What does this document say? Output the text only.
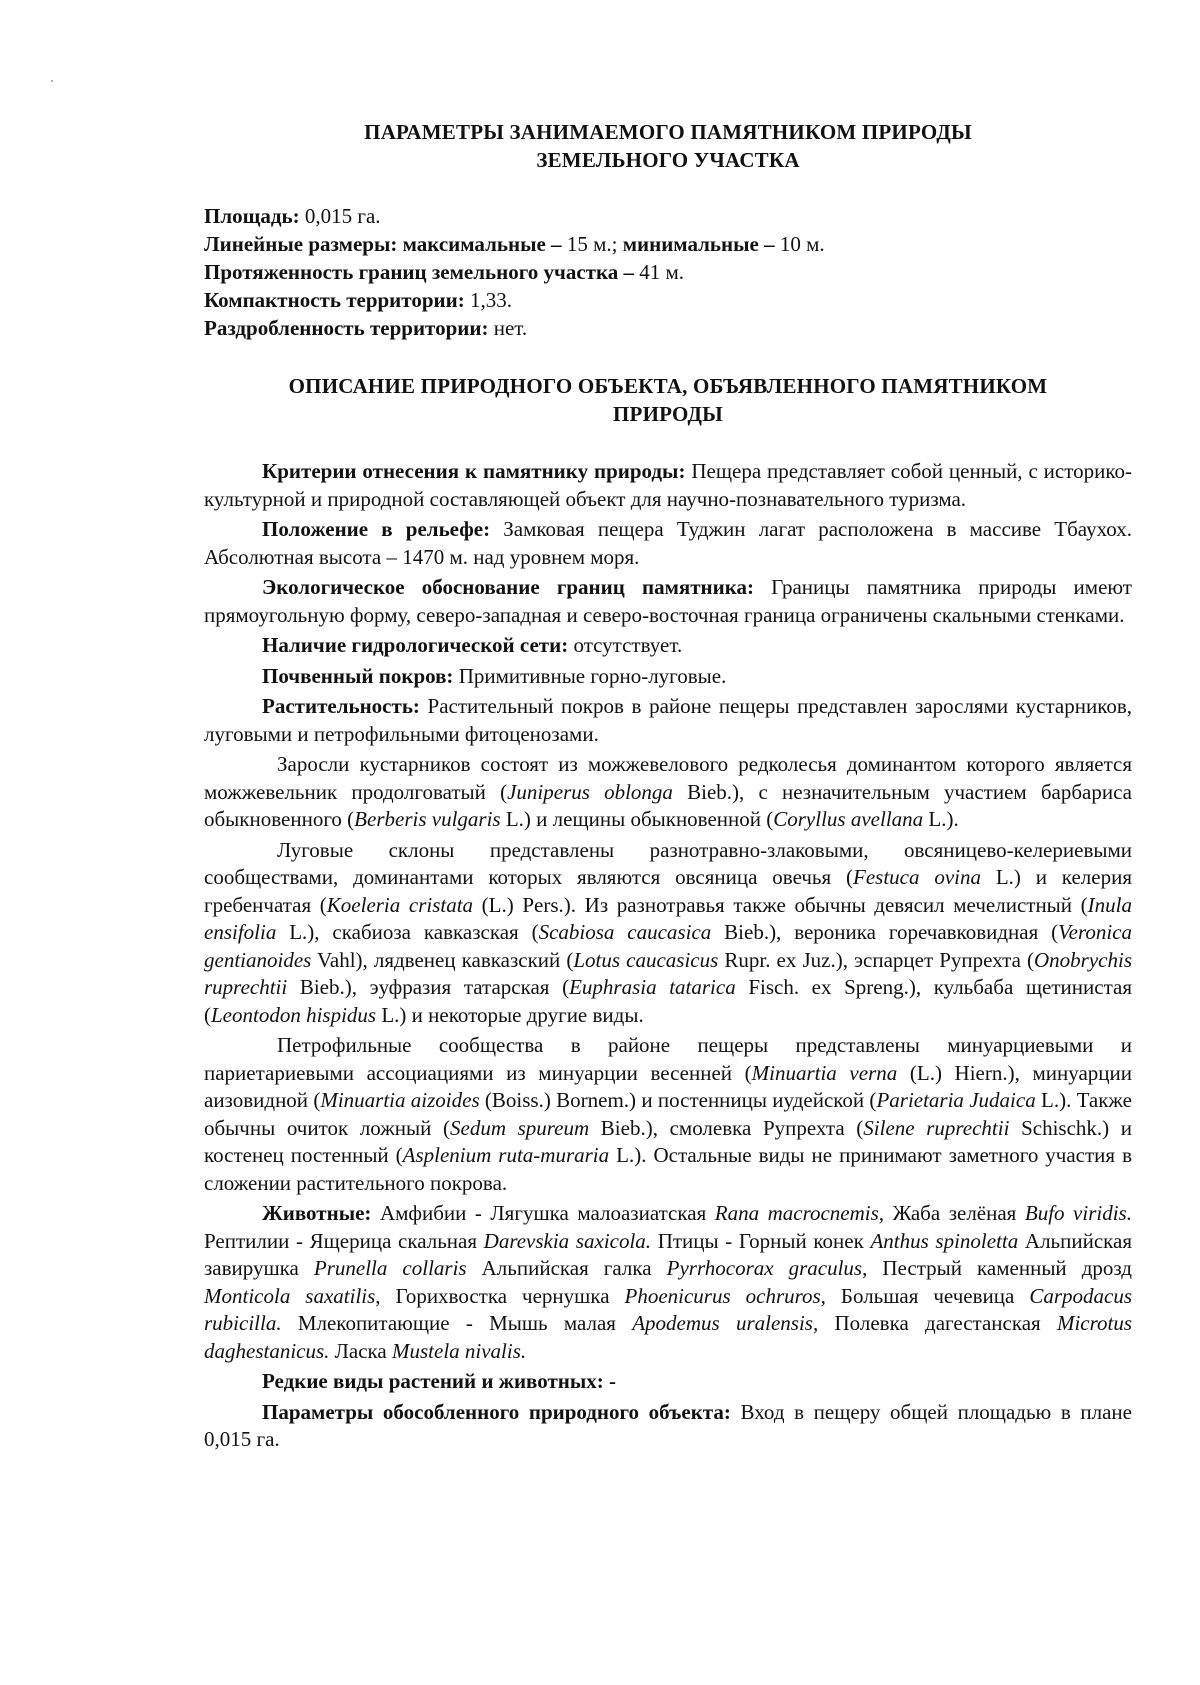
ПАРАМЕТРЫ ЗАНИМАЕМОГО ПАМЯТНИКОМ ПРИРОДЫ
ЗЕМЕЛЬНОГО УЧАСТКА

Площадь: 0,015 га.

Линейные размеры: максимальные – 15 м.; минимальные – 10 м.

Протяженность границ земельного участка – 41 м.

Компактность территории: 1,33.

Раздробленность территории: нет.

ОПИСАНИЕ ПРИРОДНОГО ОБЪЕКТА, ОБЪЯВЛЕННОГО ПАМЯТНИКОМ
ПРИРОДЫ

Критерии отнесения к памятнику природы: Пещера представляет собой ценный, с историко-культурной и природной составляющей объект для научно-познавательного туризма.

Положение в рельефе: Замковая пещера Туджин лагат расположена в массиве Тбаухох. Абсолютная высота – 1470 м. над уровнем моря.

Экологическое обоснование границ памятника: Границы памятника природы имеют прямоугольную форму, северо-западная и северо-восточная граница ограничены скальными стенками.

Наличие гидрологической сети: отсутствует.

Почвенный покров: Примитивные горно-луговые.

Растительность: Растительный покров в районе пещеры представлен зарослями кустарников, луговыми и петрофильными фитоценозами.

Заросли кустарников состоят из можжевелового редколесья доминантом которого является можжевельник продолговатый (Juniperus oblonga Bieb.), с незначительным участием барбариса обыкновенного (Berberis vulgaris L.) и лещины обыкновенной (Coryllus avellana L.).

Луговые склоны представлены разнотравно-злаковыми, овсяницево-келериевыми сообществами, доминантами которых являются овсяница овечья (Festuca ovina L.) и келерия гребенчатая (Koeleria cristata (L.) Pers.). Из разнотравья также обычны девясил мечелистный (Inula ensifolia L.), скабиоза кавказская (Scabiosa caucasica Bieb.), вероника горечавковидная (Veronica gentianoides Vahl), лядвенец кавказский (Lotus caucasicus Rupr. ex Juz.), эспарцет Рупрехта (Onobrychis ruprechtii Bieb.), эуфразия татарская (Euphrasia tatarica Fisch. ex Spreng.), кульбаба щетинистая (Leontodon hispidus L.) и некоторые другие виды.

Петрофильные сообщества в районе пещеры представлены минуарциевыми и париетариевыми ассоциациями из минуарции весенней (Minuartia verna (L.) Hiern.), минуарции аизовидной (Minuartia aizoides (Boiss.) Bornem.) и постенницы иудейской (Parietaria Judaica L.). Также обычны очиток ложный (Sedum spureum Bieb.), смолевка Рупрехта (Silene ruprechtii Schischk.) и костенец постенный (Asplenium ruta-muraria L.). Остальные виды не принимают заметного участия в сложении растительного покрова.

Животные: Амфибии - Лягушка малоазиатская Rana macrocnemis, Жаба зелёная Bufo viridis. Рептилии - Ящерица скальная Darevskia saxicola. Птицы - Горный конек Anthus spinoletta Альпийская завирушка Prunella collaris Альпийская галка Pyrrhocorax graculus, Пестрый каменный дрозд Monticola saxatilis, Горихвостка чернушка Phoenicurus ochruros, Большая чечевица Carpodacus rubicilla. Млекопитающие - Мышь малая Apodemus uralensis, Полевка дагестанская Microtus daghestanicus. Ласка Mustela nivalis.

Редкие виды растений и животных: -

Параметры обособленного природного объекта: Вход в пещеру общей площадью в плане 0,015 га.
